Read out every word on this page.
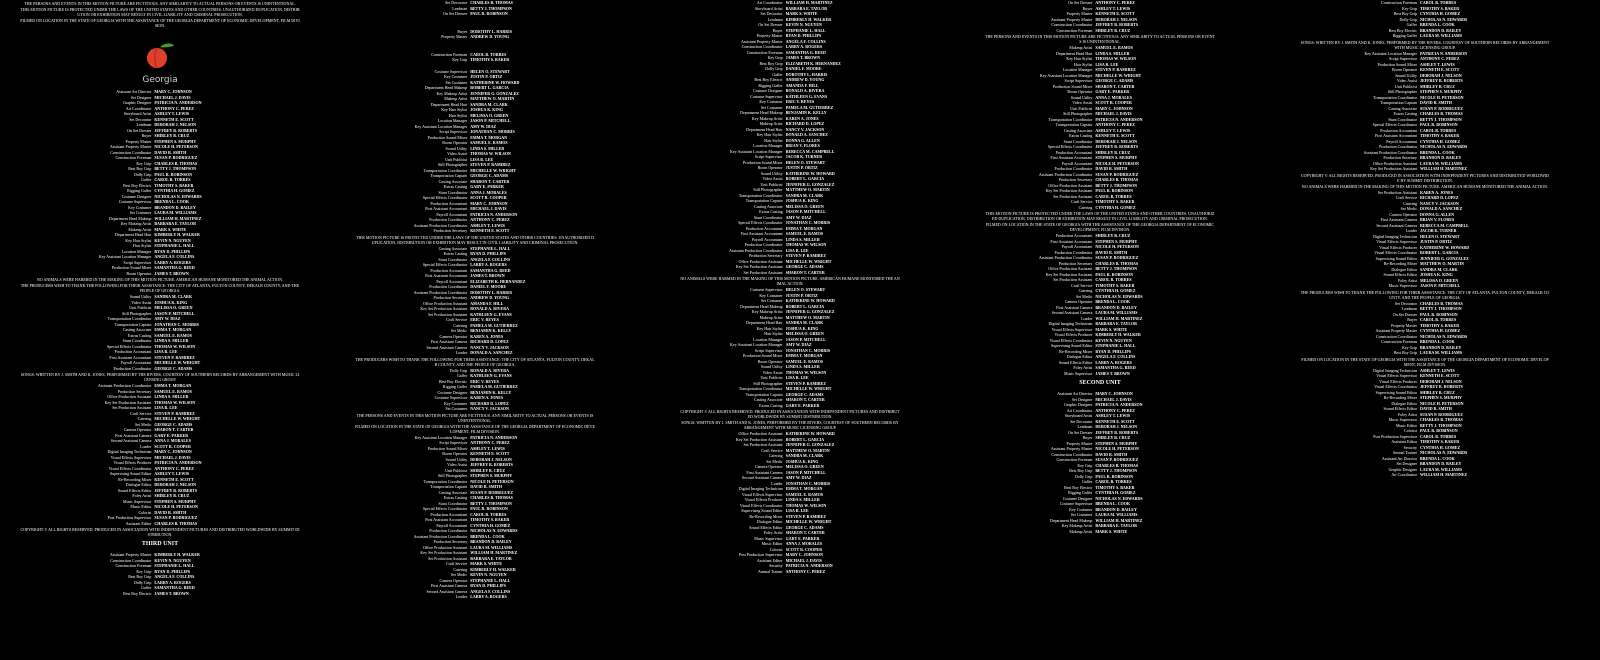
THE PERSONS AND EVENTS IN THIS MOTION PICTURE ARE FICTITIOUS. ANY SIMILARITY TO ACTUAL PERSONS OR EVENTS IS UNINTENTIONAL.
THIS MOTION PICTURE IS PROTECTED UNDER THE LAWS OF THE UNITED STATES AND OTHER COUNTRIES. UNAUTHORIZED DUPLICATION, DISTRIBUTION OR EXHIBITION MAY RESULT IN CIVIL LIABILITY AND CRIMINAL PROSECUTION.
FILMED ON LOCATION IN THE STATE OF GEORGIA WITH THE ASSISTANCE OF THE GEORGIA DEPARTMENT OF ECONOMIC DEVELOPMENT, FILM DIVISION.
Georgia
Assistant Art Director MARY C. JOHNSON
Set Designer MICHAEL J. DAVIS
Graphic Designer PATRICIA N. ANDERSON
Art Coordinator ANTHONY C. PEREZ
Storyboard Artist ASHLEY T. LEWIS
Set Decorator KENNETH E. SCOTT
Leadman DEBORAH J. NELSON
On Set Dresser JEFFREY R. ROBERTS
Buyer SHIRLEY B. CRUZ
Property Master STEPHEN S. MURPHY
Assistant Property Master NICOLE H. PETERSON
Construction Coordinator DAVID R. SMITH
Construction Foreman SUSAN P. RODRIGUEZ
Key Grip CHARLES B. THOMAS
Best Boy Grip BETTY J. THOMPSON
Dolly Grip PAUL R. ROBINSON
Gaffer CAROL B. TORRES
Best Boy Electric TIMOTHY S. BAKER
Rigging Gaffer CYNTHIA H. GOMEZ
Costume Designer NICHOLAS N. EDWARDS
Costume Supervisor BRENDA L. COOK
Key Costumer BRANDON D. BAILEY
Set Costumer LAURA M. WILLIAMS
Department Head Makeup WILLIAM H. MARTINEZ
Key Makeup Artist BARBARA E. TAYLOR
Makeup Artist MARK S. WHITE
Department Head Hair KIMBERLY H. WALKER
Key Hair Stylist KEVIN N. NGUYEN
Hair Stylist STEPHANIE L. HALL
Location Manager RYAN D. PHILLIPS
Key Assistant Location Manager ANGELA F. COLLINS
Script Supervisor LARRY A. ROGERS
Production Sound Mixer SAMANTHA G. REED
Boom Operator JAMES T. BROWN
NO ANIMALS WERE HARMED IN THE MAKING OF THIS MOTION PICTURE. AMERICAN HUMANE MONITORED THE ANIMAL ACTION.
THE PRODUCERS WISH TO THANK THE FOLLOWING FOR THEIR ASSISTANCE: THE CITY OF ATLANTA, FULTON COUNTY, DEKALB COUNTY, AND THE PEOPLE OF GEORGIA.
Sound Utility SANDRA M. CLARK
Video Assist JOSHUA K. KING
Unit Publicist MELISSA O. GREEN
Still Photographer JASON P. MITCHELL
Transportation Coordinator AMY W. DIAZ
Transportation Captain JONATHAN C. MORRIS
Casting Associate EMMA T. MORGAN
Extras Casting SAMUEL E. RAMOS
Stunt Coordinator LINDA S. MILLER
Special Effects Coordinator THOMAS W. WILSON
Production Accountant LISA R. LEE
First Assistant Accountant STEVEN P. RAMIREZ
Payroll Accountant MICHELLE W. WRIGHT
Production Coordinator GEORGE C. ADAMS
SONGS: WRITTEN BY J. SMITH AND K. JONES, PERFORMED BY THE RIVERS, COURTESY OF SOUTHERN RECORDS BY ARRANGEMENT WITH MUSIC LICENSING GROUP.
Assistant Production Coordinator EMMA T. MORGAN
Production Secretary SAMUEL E. RAMOS
Office Production Assistant LINDA S. MILLER
Key Set Production Assistant THOMAS W. WILSON
Set Production Assistant LISA R. LEE
Craft Service STEVEN P. RAMIREZ
Catering MICHELLE W. WRIGHT
Set Medic GEORGE C. ADAMS
Camera Operator SHARON T. CARTER
First Assistant Camera GARY E. PARKER
Second Assistant Camera ANNA J. MORALES
Loader SCOTT R. COOPER
Digital Imaging Technician MARY C. JOHNSON
Visual Effects Supervisor MICHAEL J. DAVIS
Visual Effects Producer PATRICIA N. ANDERSON
Visual Effects Coordinator ANTHONY C. PEREZ
Supervising Sound Editor ASHLEY T. LEWIS
Re-Recording Mixer KENNETH E. SCOTT
Dialogue Editor DEBORAH J. NELSON
Sound Effects Editor JEFFREY R. ROBERTS
Foley Artist SHIRLEY B. CRUZ
Music Supervisor STEPHEN S. MURPHY
Music Editor NICOLE H. PETERSON
Colorist DAVID R. SMITH
Post Production Supervisor SUSAN P. RODRIGUEZ
Assistant Editor CHARLES B. THOMAS
COPYRIGHT © ALL RIGHTS RESERVED. PRODUCED IN ASSOCIATION WITH INDEPENDENT PICTURES AND DISTRIBUTED WORLDWIDE BY SUMMIT DISTRIBUTION.
THIRD UNIT
Assistant Property Master KIMBERLY H. WALKER
Construction Coordinator KEVIN N. NGUYEN
Construction Foreman STEPHANIE L. HALL
Key Grip RYAN D. PHILLIPS
Best Boy Grip ANGELA F. COLLINS
Dolly Grip LARRY A. ROGERS
Gaffer SAMANTHA G. REED
Best Boy Electric JAMES T. BROWN
Set Decorator CHARLES B. THOMAS
Leadman BETTY J. THOMPSON
On Set Dresser PAUL R. ROBINSON
Buyer DOROTHY L. HARRIS
Property Master ANDREW D. YOUNG
Construction Foreman CAROL B. TORRES
Key Grip TIMOTHY S. BAKER
Costume Supervisor HELEN O. STEWART
Key Costumer JUSTIN P. ORTIZ
Set Costumer KATHERINE W. HOWARD
Department Head Makeup ROBERT L. GARCIA
Key Makeup Artist JENNIFER G. GONZALEZ
Makeup Artist MATTHEW O. MARTIN
Department Head Hair SANDRA M. CLARK
Key Hair Stylist JOSHUA K. KING
Hair Stylist MELISSA O. GREEN
Location Manager JASON P. MITCHELL
Key Assistant Location Manager AMY W. DIAZ
Script Supervisor JONATHAN C. MORRIS
Production Sound Mixer EMMA T. MORGAN
Boom Operator SAMUEL E. RAMOS
Sound Utility LINDA S. MILLER
Video Assist THOMAS W. WILSON
Unit Publicist LISA R. LEE
Still Photographer STEVEN P. RAMIREZ
Transportation Coordinator MICHELLE W. WRIGHT
Transportation Captain GEORGE C. ADAMS
Casting Associate SHARON T. CARTER
Extras Casting GARY E. PARKER
Stunt Coordinator ANNA J. MORALES
Special Effects Coordinator SCOTT R. COOPER
Production Accountant MARY C. JOHNSON
First Assistant Accountant MICHAEL J. DAVIS
Payroll Accountant PATRICIA N. ANDERSON
Production Coordinator ANTHONY C. PEREZ
Assistant Production Coordinator ASHLEY T. LEWIS
Production Secretary KENNETH E. SCOTT
THIS MOTION PICTURE IS PROTECTED UNDER THE LAWS OF THE UNITED STATES AND OTHER COUNTRIES. UNAUTHORIZED DUPLICATION, DISTRIBUTION OR EXHIBITION MAY RESULT IN CIVIL LIABILITY AND CRIMINAL PROSECUTION.
Casting Associate STEPHANIE L. HALL
Extras Casting RYAN D. PHILLIPS
Stunt Coordinator ANGELA F. COLLINS
Special Effects Coordinator LARRY A. ROGERS
Production Accountant SAMANTHA G. REED
First Assistant Accountant JAMES T. BROWN
Payroll Accountant ELIZABETH K. HERNANDEZ
Production Coordinator DANIEL F. MOORE
Assistant Production Coordinator DOROTHY L. HARRIS
Production Secretary ANDREW D. YOUNG
Office Production Assistant AMANDA F. HILL
Key Set Production Assistant RONALD A. RIVERA
Set Production Assistant KATHLEEN G. EVANS
Craft Service ERIC V. REYES
Catering PAMELA M. GUTIERREZ
Set Medic BENJAMIN K. KELLY
Camera Operator KAREN A. JONES
First Assistant Camera RICHARD D. LOPEZ
Second Assistant Camera NANCY V. JACKSON
Loader DONALD A. SANCHEZ
THE PRODUCERS WISH TO THANK THE FOLLOWING FOR THEIR ASSISTANCE: THE CITY OF ATLANTA, FULTON COUNTY, DEKALB COUNTY, AND THE PEOPLE OF GEORGIA.
Dolly Grip RONALD A. RIVERA
Gaffer KATHLEEN G. EVANS
Best Boy Electric ERIC V. REYES
Rigging Gaffer PAMELA M. GUTIERREZ
Costume Designer BENJAMIN K. KELLY
Costume Supervisor KAREN A. JONES
Key Costumer RICHARD D. LOPEZ
Set Costumer NANCY V. JACKSON
THE PERSONS AND EVENTS IN THIS MOTION PICTURE ARE FICTITIOUS. ANY SIMILARITY TO ACTUAL PERSONS OR EVENTS IS UNINTENTIONAL.
FILMED ON LOCATION IN THE STATE OF GEORGIA WITH THE ASSISTANCE OF THE GEORGIA DEPARTMENT OF ECONOMIC DEVELOPMENT, FILM DIVISION.
Key Assistant Location Manager PATRICIA N. ANDERSON
Script Supervisor ANTHONY C. PEREZ
Production Sound Mixer ASHLEY T. LEWIS
Boom Operator KENNETH E. SCOTT
Sound Utility DEBORAH J. NELSON
Video Assist JEFFREY R. ROBERTS
Unit Publicist SHIRLEY B. CRUZ
Still Photographer STEPHEN S. MURPHY
Transportation Coordinator NICOLE H. PETERSON
Transportation Captain DAVID R. SMITH
Casting Associate SUSAN P. RODRIGUEZ
Extras Casting CHARLES B. THOMAS
Stunt Coordinator BETTY J. THOMPSON
Special Effects Coordinator PAUL R. ROBINSON
Production Accountant CAROL B. TORRES
First Assistant Accountant TIMOTHY S. BAKER
Payroll Accountant CYNTHIA H. GOMEZ
Production Coordinator NICHOLAS N. EDWARDS
Assistant Production Coordinator BRENDA L. COOK
Production Secretary BRANDON D. BAILEY
Office Production Assistant LAURA M. WILLIAMS
Key Set Production Assistant WILLIAM H. MARTINEZ
Set Production Assistant BARBARA E. TAYLOR
Craft Service MARK S. WHITE
Catering KIMBERLY H. WALKER
Set Medic KEVIN N. NGUYEN
Camera Operator STEPHANIE L. HALL
First Assistant Camera RYAN D. PHILLIPS
Second Assistant Camera ANGELA F. COLLINS
Loader LARRY A. ROGERS
Art Coordinator WILLIAM H. MARTINEZ
Storyboard Artist BARBARA E. TAYLOR
Set Decorator MARK S. WHITE
Leadman KIMBERLY H. WALKER
On Set Dresser KEVIN N. NGUYEN
Buyer STEPHANIE L. HALL
Property Master RYAN D. PHILLIPS
Assistant Property Master ANGELA F. COLLINS
Construction Coordinator LARRY A. ROGERS
Construction Foreman SAMANTHA G. REED
Key Grip JAMES T. BROWN
Best Boy Grip ELIZABETH K. HERNANDEZ
Dolly Grip DANIEL F. MOORE
Gaffer DOROTHY L. HARRIS
Best Boy Electric ANDREW D. YOUNG
Rigging Gaffer AMANDA F. HILL
Costume Designer RONALD A. RIVERA
Costume Supervisor KATHLEEN G. EVANS
Key Costumer ERIC V. REYES
Set Costumer PAMELA M. GUTIERREZ
Department Head Makeup BENJAMIN K. KELLY
Key Makeup Artist KAREN A. JONES
Makeup Artist RICHARD D. LOPEZ
Department Head Hair NANCY V. JACKSON
Key Hair Stylist DONALD A. SANCHEZ
Hair Stylist DONNA G. ALLEN
Location Manager BRIAN V. FLORES
Key Assistant Location Manager REBECCA M. CAMPBELL
Script Supervisor JACOB K. TURNER
Production Sound Mixer HELEN O. STEWART
Boom Operator JUSTIN P. ORTIZ
Sound Utility KATHERINE W. HOWARD
Video Assist ROBERT L. GARCIA
Unit Publicist JENNIFER G. GONZALEZ
Still Photographer MATTHEW O. MARTIN
Transportation Coordinator SANDRA M. CLARK
Transportation Captain JOSHUA K. KING
Casting Associate MELISSA O. GREEN
Extras Casting JASON P. MITCHELL
Stunt Coordinator AMY W. DIAZ
Special Effects Coordinator JONATHAN C. MORRIS
Production Accountant EMMA T. MORGAN
First Assistant Accountant SAMUEL E. RAMOS
Payroll Accountant LINDA S. MILLER
Production Coordinator THOMAS W. WILSON
Assistant Production Coordinator LISA R. LEE
Production Secretary STEVEN P. RAMIREZ
Office Production Assistant MICHELLE W. WRIGHT
Key Set Production Assistant GEORGE C. ADAMS
Set Production Assistant SHARON T. CARTER
NO ANIMALS WERE HARMED IN THE MAKING OF THIS MOTION PICTURE. AMERICAN HUMANE MONITORED THE ANIMAL ACTION.
Costume Supervisor HELEN O. STEWART
Key Costumer JUSTIN P. ORTIZ
Set Costumer KATHERINE W. HOWARD
Department Head Makeup ROBERT L. GARCIA
Key Makeup Artist JENNIFER G. GONZALEZ
Makeup Artist MATTHEW O. MARTIN
Department Head Hair SANDRA M. CLARK
Key Hair Stylist JOSHUA K. KING
Hair Stylist MELISSA O. GREEN
Location Manager JASON P. MITCHELL
Key Assistant Location Manager AMY W. DIAZ
Script Supervisor JONATHAN C. MORRIS
Production Sound Mixer EMMA T. MORGAN
Boom Operator SAMUEL E. RAMOS
Sound Utility LINDA S. MILLER
Video Assist THOMAS W. WILSON
Unit Publicist LISA R. LEE
Still Photographer STEVEN P. RAMIREZ
Transportation Coordinator MICHELLE W. WRIGHT
Transportation Captain GEORGE C. ADAMS
Casting Associate SHARON T. CARTER
Extras Casting GARY E. PARKER
COPYRIGHT © ALL RIGHTS RESERVED. PRODUCED IN ASSOCIATION WITH INDEPENDENT PICTURES AND DISTRIBUTED WORLDWIDE BY SUMMIT DISTRIBUTION.
SONGS: WRITTEN BY J. SMITH AND K. JONES, PERFORMED BY THE RIVERS, COURTESY OF SOUTHERN RECORDS BY ARRANGEMENT WITH MUSIC LICENSING GROUP.
Office Production Assistant KATHERINE W. HOWARD
Key Set Production Assistant ROBERT L. GARCIA
Set Production Assistant JENNIFER G. GONZALEZ
Craft Service MATTHEW O. MARTIN
Catering SANDRA M. CLARK
Set Medic JOSHUA K. KING
Camera Operator MELISSA O. GREEN
First Assistant Camera JASON P. MITCHELL
Second Assistant Camera AMY W. DIAZ
Loader JONATHAN C. MORRIS
Digital Imaging Technician EMMA T. MORGAN
Visual Effects Supervisor SAMUEL E. RAMOS
Visual Effects Producer LINDA S. MILLER
Visual Effects Coordinator THOMAS W. WILSON
Supervising Sound Editor LISA R. LEE
Re-Recording Mixer STEVEN P. RAMIREZ
Dialogue Editor MICHELLE W. WRIGHT
Sound Effects Editor GEORGE C. ADAMS
Foley Artist SHARON T. CARTER
Music Supervisor GARY E. PARKER
Music Editor ANNA J. MORALES
Colorist SCOTT R. COOPER
Post Production Supervisor MARY C. JOHNSON
Assistant Editor MICHAEL J. DAVIS
Security PATRICIA N. ANDERSON
Animal Trainer ANTHONY C. PEREZ
On Set Dresser ANTHONY C. PEREZ
Buyer ASHLEY T. LEWIS
Property Master KENNETH E. SCOTT
Assistant Property Master DEBORAH J. NELSON
Construction Coordinator JEFFREY R. ROBERTS
Construction Foreman SHIRLEY B. CRUZ
THE PERSONS AND EVENTS IN THIS MOTION PICTURE ARE FICTITIOUS. ANY SIMILARITY TO ACTUAL PERSONS OR EVENTS IS UNINTENTIONAL.
Makeup Artist SAMUEL E. RAMOS
Department Head Hair LINDA S. MILLER
Key Hair Stylist THOMAS W. WILSON
Hair Stylist LISA R. LEE
Location Manager STEVEN P. RAMIREZ
Key Assistant Location Manager MICHELLE W. WRIGHT
Script Supervisor GEORGE C. ADAMS
Production Sound Mixer SHARON T. CARTER
Boom Operator GARY E. PARKER
Sound Utility ANNA J. MORALES
Video Assist SCOTT R. COOPER
Unit Publicist MARY C. JOHNSON
Still Photographer MICHAEL J. DAVIS
Transportation Coordinator PATRICIA N. ANDERSON
Transportation Captain ANTHONY C. PEREZ
Casting Associate ASHLEY T. LEWIS
Extras Casting KENNETH E. SCOTT
Stunt Coordinator DEBORAH J. NELSON
Special Effects Coordinator JEFFREY R. ROBERTS
Production Accountant SHIRLEY B. CRUZ
First Assistant Accountant STEPHEN S. MURPHY
Payroll Accountant NICOLE H. PETERSON
Production Coordinator DAVID R. SMITH
Assistant Production Coordinator SUSAN P. RODRIGUEZ
Production Secretary CHARLES B. THOMAS
Office Production Assistant BETTY J. THOMPSON
Key Set Production Assistant PAUL R. ROBINSON
Set Production Assistant CAROL B. TORRES
Craft Service TIMOTHY S. BAKER
Catering CYNTHIA H. GOMEZ
THIS MOTION PICTURE IS PROTECTED UNDER THE LAWS OF THE UNITED STATES AND OTHER COUNTRIES. UNAUTHORIZED DUPLICATION, DISTRIBUTION OR EXHIBITION MAY RESULT IN CIVIL LIABILITY AND CRIMINAL PROSECUTION.
FILMED ON LOCATION IN THE STATE OF GEORGIA WITH THE ASSISTANCE OF THE GEORGIA DEPARTMENT OF ECONOMIC DEVELOPMENT, FILM DIVISION.
Production Accountant SHIRLEY B. CRUZ
First Assistant Accountant STEPHEN S. MURPHY
Payroll Accountant NICOLE H. PETERSON
Production Coordinator DAVID R. SMITH
Assistant Production Coordinator SUSAN P. RODRIGUEZ
Production Secretary CHARLES B. THOMAS
Office Production Assistant BETTY J. THOMPSON
Key Set Production Assistant PAUL R. ROBINSON
Set Production Assistant CAROL B. TORRES
Craft Service TIMOTHY S. BAKER
Catering CYNTHIA H. GOMEZ
Set Medic NICHOLAS N. EDWARDS
Camera Operator BRENDA L. COOK
First Assistant Camera BRANDON D. BAILEY
Second Assistant Camera LAURA M. WILLIAMS
Loader WILLIAM H. MARTINEZ
Digital Imaging Technician BARBARA E. TAYLOR
Visual Effects Supervisor MARK S. WHITE
Visual Effects Producer KIMBERLY H. WALKER
Visual Effects Coordinator KEVIN N. NGUYEN
Supervising Sound Editor STEPHANIE L. HALL
Re-Recording Mixer RYAN D. PHILLIPS
Dialogue Editor ANGELA F. COLLINS
Sound Effects Editor LARRY A. ROGERS
Foley Artist SAMANTHA G. REED
Music Supervisor JAMES T. BROWN
SECOND UNIT
Assistant Art Director MARY C. JOHNSON
Set Designer MICHAEL J. DAVIS
Graphic Designer PATRICIA N. ANDERSON
Art Coordinator ANTHONY C. PEREZ
Storyboard Artist ASHLEY T. LEWIS
Set Decorator KENNETH E. SCOTT
Leadman DEBORAH J. NELSON
On Set Dresser JEFFREY R. ROBERTS
Buyer SHIRLEY B. CRUZ
Property Master STEPHEN S. MURPHY
Assistant Property Master NICOLE H. PETERSON
Construction Coordinator DAVID R. SMITH
Construction Foreman SUSAN P. RODRIGUEZ
Key Grip CHARLES B. THOMAS
Best Boy Grip BETTY J. THOMPSON
Dolly Grip PAUL R. ROBINSON
Gaffer CAROL B. TORRES
Best Boy Electric TIMOTHY S. BAKER
Rigging Gaffer CYNTHIA H. GOMEZ
Costume Designer NICHOLAS N. EDWARDS
Costume Supervisor BRENDA L. COOK
Key Costumer BRANDON D. BAILEY
Set Costumer LAURA M. WILLIAMS
Department Head Makeup WILLIAM H. MARTINEZ
Key Makeup Artist BARBARA E. TAYLOR
Makeup Artist MARK S. WHITE
Construction Foreman CAROL B. TORRES
Key Grip TIMOTHY S. BAKER
Best Boy Grip CYNTHIA H. GOMEZ
Dolly Grip NICHOLAS N. EDWARDS
Gaffer BRENDA L. COOK
Best Boy Electric BRANDON D. BAILEY
Rigging Gaffer LAURA M. WILLIAMS
SONGS: WRITTEN BY J. SMITH AND K. JONES, PERFORMED BY THE RIVERS, COURTESY OF SOUTHERN RECORDS BY ARRANGEMENT WITH MUSIC LICENSING GROUP.
Key Assistant Location Manager PATRICIA N. ANDERSON
Script Supervisor ANTHONY C. PEREZ
Production Sound Mixer ASHLEY T. LEWIS
Boom Operator KENNETH E. SCOTT
Sound Utility DEBORAH J. NELSON
Video Assist JEFFREY R. ROBERTS
Unit Publicist SHIRLEY B. CRUZ
Still Photographer STEPHEN S. MURPHY
Transportation Coordinator NICOLE H. PETERSON
Transportation Captain DAVID R. SMITH
Casting Associate SUSAN P. RODRIGUEZ
Extras Casting CHARLES B. THOMAS
Stunt Coordinator BETTY J. THOMPSON
Special Effects Coordinator PAUL R. ROBINSON
Production Accountant CAROL B. TORRES
First Assistant Accountant TIMOTHY S. BAKER
Payroll Accountant CYNTHIA H. GOMEZ
Production Coordinator NICHOLAS N. EDWARDS
Assistant Production Coordinator BRENDA L. COOK
Production Secretary BRANDON D. BAILEY
Office Production Assistant LAURA M. WILLIAMS
Key Set Production Assistant WILLIAM H. MARTINEZ
COPYRIGHT © ALL RIGHTS RESERVED. PRODUCED IN ASSOCIATION WITH INDEPENDENT PICTURES AND DISTRIBUTED WORLDWIDE BY SUMMIT DISTRIBUTION.
NO ANIMALS WERE HARMED IN THE MAKING OF THIS MOTION PICTURE. AMERICAN HUMANE MONITORED THE ANIMAL ACTION.
Set Production Assistant KAREN A. JONES
Craft Service RICHARD D. LOPEZ
Catering NANCY V. JACKSON
Set Medic DONALD A. SANCHEZ
Camera Operator DONNA G. ALLEN
First Assistant Camera BRIAN V. FLORES
Second Assistant Camera REBECCA M. CAMPBELL
Loader JACOB K. TURNER
Digital Imaging Technician HELEN O. STEWART
Visual Effects Supervisor JUSTIN P. ORTIZ
Visual Effects Producer KATHERINE W. HOWARD
Visual Effects Coordinator ROBERT L. GARCIA
Supervising Sound Editor JENNIFER G. GONZALEZ
Re-Recording Mixer MATTHEW O. MARTIN
Dialogue Editor SANDRA M. CLARK
Sound Effects Editor JOSHUA K. KING
Foley Artist MELISSA O. GREEN
Music Supervisor JASON P. MITCHELL
THE PRODUCERS WISH TO THANK THE FOLLOWING FOR THEIR ASSISTANCE: THE CITY OF ATLANTA, FULTON COUNTY, DEKALB COUNTY, AND THE PEOPLE OF GEORGIA.
Set Decorator CHARLES B. THOMAS
Leadman BETTY J. THOMPSON
On Set Dresser PAUL R. ROBINSON
Buyer CAROL B. TORRES
Property Master TIMOTHY S. BAKER
Assistant Property Master CYNTHIA H. GOMEZ
Construction Coordinator NICHOLAS N. EDWARDS
Construction Foreman BRENDA L. COOK
Key Grip BRANDON D. BAILEY
Best Boy Grip LAURA M. WILLIAMS
FILMED ON LOCATION IN THE STATE OF GEORGIA WITH THE ASSISTANCE OF THE GEORGIA DEPARTMENT OF ECONOMIC DEVELOPMENT, FILM DIVISION.
Digital Imaging Technician ASHLEY T. LEWIS
Visual Effects Supervisor KENNETH E. SCOTT
Visual Effects Producer DEBORAH J. NELSON
Visual Effects Coordinator JEFFREY R. ROBERTS
Supervising Sound Editor SHIRLEY B. CRUZ
Re-Recording Mixer STEPHEN S. MURPHY
Dialogue Editor NICOLE H. PETERSON
Sound Effects Editor DAVID R. SMITH
Foley Artist SUSAN P. RODRIGUEZ
Music Supervisor CHARLES B. THOMAS
Music Editor BETTY J. THOMPSON
Colorist PAUL R. ROBINSON
Post Production Supervisor CAROL B. TORRES
Assistant Editor TIMOTHY S. BAKER
Security CYNTHIA H. GOMEZ
Animal Trainer NICHOLAS N. EDWARDS
Assistant Art Director BRENDA L. COOK
Set Designer BRANDON D. BAILEY
Graphic Designer LAURA M. WILLIAMS
Art Coordinator WILLIAM H. MARTINEZ
